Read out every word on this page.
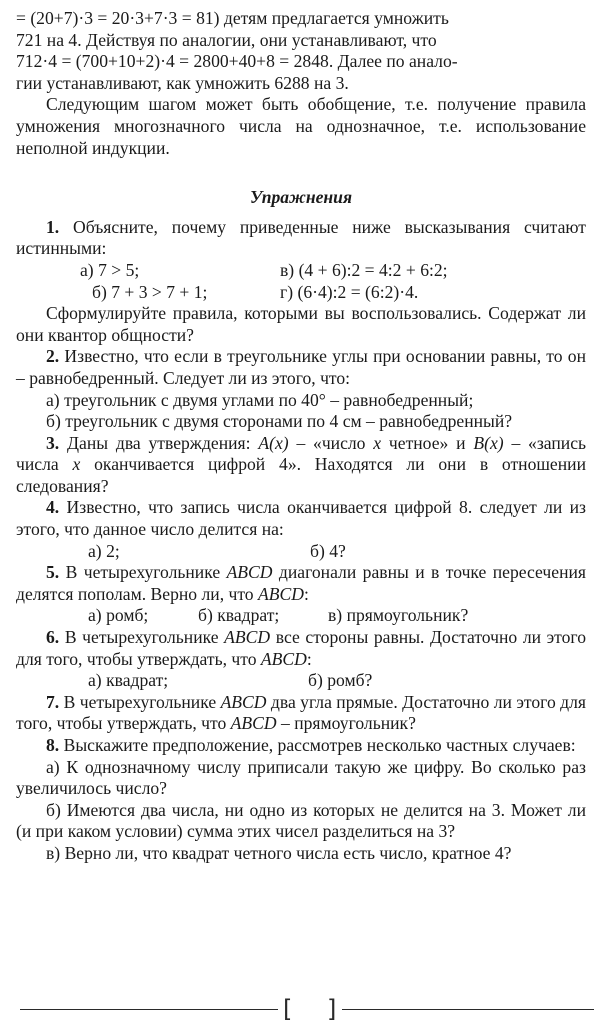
= (20+7)·3 = 20·3+7·3 = 81) детям предлагается умножить

721 на 4. Действуя по аналогии, они устанавливают, что

712·4 = (700+10+2)·4 = 2800+40+8 = 2848. Далее по анало-

гии устанавливают, как умножить 6288 на 3.

Следующим шагом может быть обобщение, т.е. получение правила умножения многозначного числа на однозначное, т.е. использование неполной индукции.

Упражнения

1. Объясните, почему приведенные ниже высказывания считают истинными:

а) 7 > 5;	в) (4 + 6):2 = 4:2 + 6:2;
б) 7 + 3 > 7 + 1;	г) (6·4):2 = (6:2)·4.

Сформулируйте правила, которыми вы воспользовались. Содержат ли они квантор общности?

2. Известно, что если в треугольнике углы при основании равны, то он – равнобедренный. Следует ли из этого, что:

а) треугольник с двумя углами по 40° – равнобедренный;

б) треугольник с двумя сторонами по 4 см – равнобедренный?

3. Даны два утверждения: A(x) – «число x четное» и B(x) – «запись числа x оканчивается цифрой 4». Находятся ли они в отношении следования?

4. Известно, что запись числа оканчивается цифрой 8. следует ли из этого, что данное число делится на:

а) 2;	б) 4?

5. В четырехугольнике ABCD диагонали равны и в точке пересечения делятся пополам. Верно ли, что ABCD:

а) ромб;	б) квадрат;	в) прямоугольник?

6. В четырехугольнике ABCD все стороны равны. Достаточно ли этого для того, чтобы утверждать, что ABCD:

а) квадрат;	б) ромб?

7. В четырехугольнике ABCD два угла прямые. Достаточно ли этого для того, чтобы утверждать, что ABCD – прямоугольник?

8. Выскажите предположение, рассмотрев несколько частных случаев:

а) К однозначному числу приписали такую же цифру. Во сколько раз увеличилось число?

б) Имеются два числа, ни одно из которых не делится на 3. Может ли (и при каком условии) сумма этих чисел разделиться на 3?

в) Верно ли, что квадрат четного числа есть число, кратное 4?

[ ]
